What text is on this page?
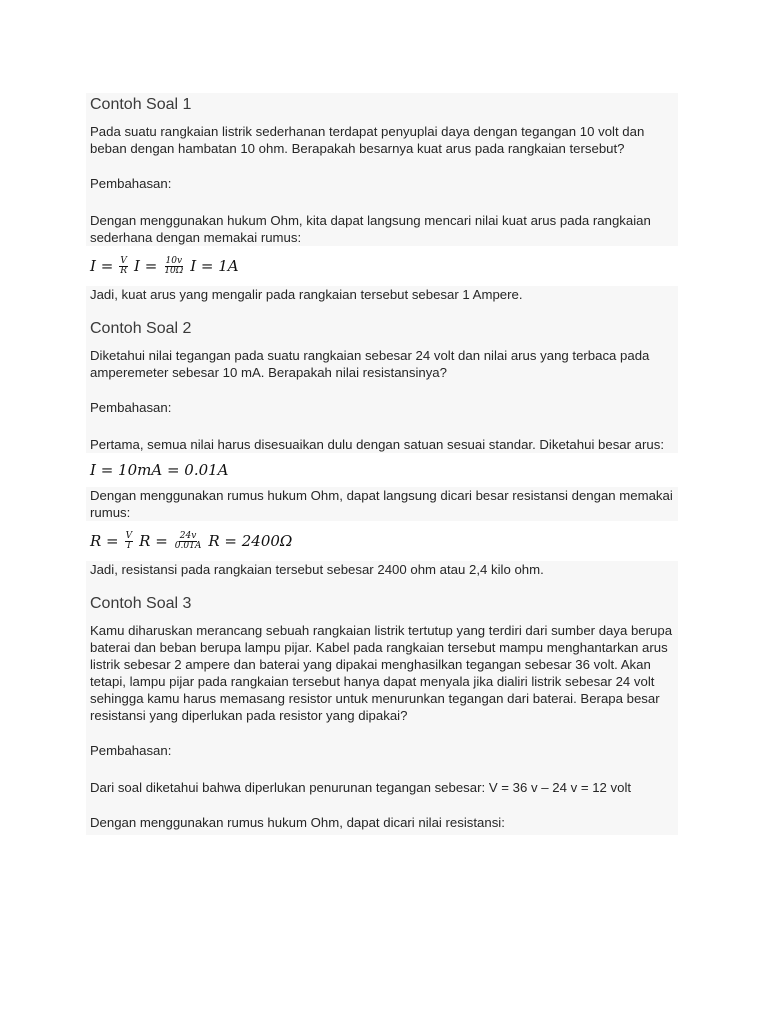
Contoh Soal 1

Pada suatu rangkaian listrik sederhanan terdapat penyuplai daya dengan tegangan 10 volt dan beban dengan hambatan 10 ohm. Berapakah besarnya kuat arus pada rangkaian tersebut?

Pembahasan:

Dengan menggunakan hukum Ohm, kita dapat langsung mencari nilai kuat arus pada rangkaian sederhana dengan memakai rumus:

$I = \frac{V}{R}$ $I = \frac{10v}{10\Omega}$ I = 1A

Jadi, kuat arus yang mengalir pada rangkaian tersebut sebesar 1 Ampere.

Contoh Soal 2

Diketahui nilai tegangan pada suatu rangkaian sebesar 24 volt dan nilai arus yang terbaca pada amperemeter sebesar 10 mA. Berapakah nilai resistansinya?

Pembahasan:

Pertama, semua nilai harus disesuaikan dulu dengan satuan sesuai standar. Diketahui besar arus:

I = 10mA = 0.01A

Dengan menggunakan rumus hukum Ohm, dapat langsung dicari besar resistansi dengan memakai rumus:

$R = \frac{V}{I}$ $R = \frac{24v}{0.01A}$ R = 2400Ω

Jadi, resistansi pada rangkaian tersebut sebesar 2400 ohm atau 2,4 kilo ohm.

Contoh Soal 3

Kamu diharuskan merancang sebuah rangkaian listrik tertutup yang terdiri dari sumber daya berupa baterai dan beban berupa lampu pijar. Kabel pada rangkaian tersebut mampu menghantarkan arus listrik sebesar 2 ampere dan baterai yang dipakai menghasilkan tegangan sebesar 36 volt. Akan tetapi, lampu pijar pada rangkaian tersebut hanya dapat menyala jika dialiri listrik sebesar 24 volt sehingga kamu harus memasang resistor untuk menurunkan tegangan dari baterai. Berapa besar resistansi yang diperlukan pada resistor yang dipakai?

Pembahasan:

Dari soal diketahui bahwa diperlukan penurunan tegangan sebesar: V = 36 v – 24 v = 12 volt

Dengan menggunakan rumus hukum Ohm, dapat dicari nilai resistansi:
